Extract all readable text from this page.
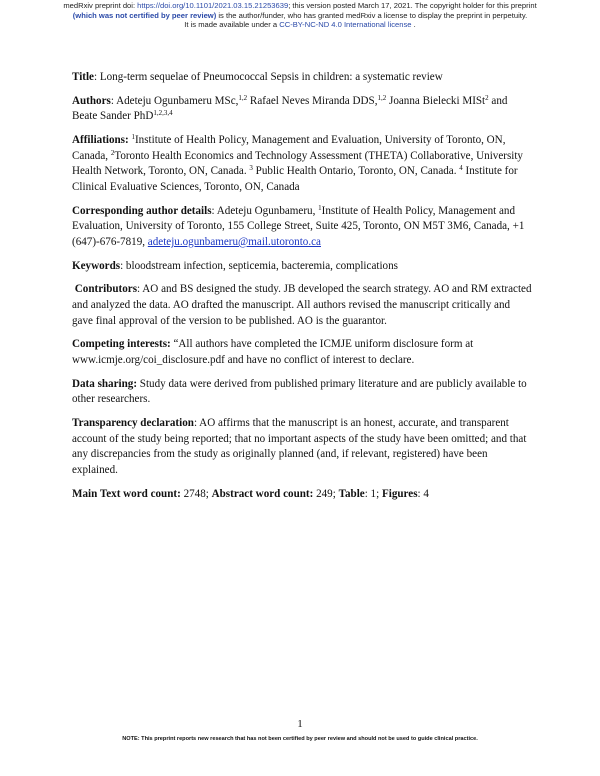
medRxiv preprint doi: https://doi.org/10.1101/2021.03.15.21253639; this version posted March 17, 2021. The copyright holder for this preprint
(which was not certified by peer review) is the author/funder, who has granted medRxiv a license to display the preprint in perpetuity.
It is made available under a CC-BY-NC-ND 4.0 International license .

Title: Long-term sequelae of Pneumococcal Sepsis in children: a systematic review

Authors: Adeteju Ogunbameru MSc,$^{1,2}$ Rafael Neves Miranda DDS,$^{1,2}$ Joanna Bielecki MISt$^2$ and Beate Sander PhD$^{1,2,3,4}$

Affiliations: $^1$Institute of Health Policy, Management and Evaluation, University of Toronto, ON, Canada, $^2$Toronto Health Economics and Technology Assessment (THETA) Collaborative, University Health Network, Toronto, ON, Canada. $^3$ Public Health Ontario, Toronto, ON, Canada. $^4$ Institute for Clinical Evaluative Sciences, Toronto, ON, Canada

Corresponding author details: Adeteju Ogunbameru, $^1$Institute of Health Policy, Management and Evaluation, University of Toronto, 155 College Street, Suite 425, Toronto, ON M5T 3M6, Canada, +1 (647)-676-7819, adeteju.ogunbameru@mail.utoronto.ca

Keywords: bloodstream infection, septicemia, bacteremia, complications

Contributors: AO and BS designed the study. JB developed the search strategy. AO and RM extracted and analyzed the data. AO drafted the manuscript. All authors revised the manuscript critically and gave final approval of the version to be published. AO is the guarantor.

Competing interests: “All authors have completed the ICMJE uniform disclosure form at www.icmje.org/coi_disclosure.pdf and have no conflict of interest to declare.

Data sharing: Study data were derived from published primary literature and are publicly available to other researchers.

Transparency declaration: AO affirms that the manuscript is an honest, accurate, and transparent account of the study being reported; that no important aspects of the study have been omitted; and that any discrepancies from the study as originally planned (and, if relevant, registered) have been explained.

Main Text word count: 2748; Abstract word count: 249; Table: 1; Figures: 4

1
NOTE: This preprint reports new research that has not been certified by peer review and should not be used to guide clinical practice.
